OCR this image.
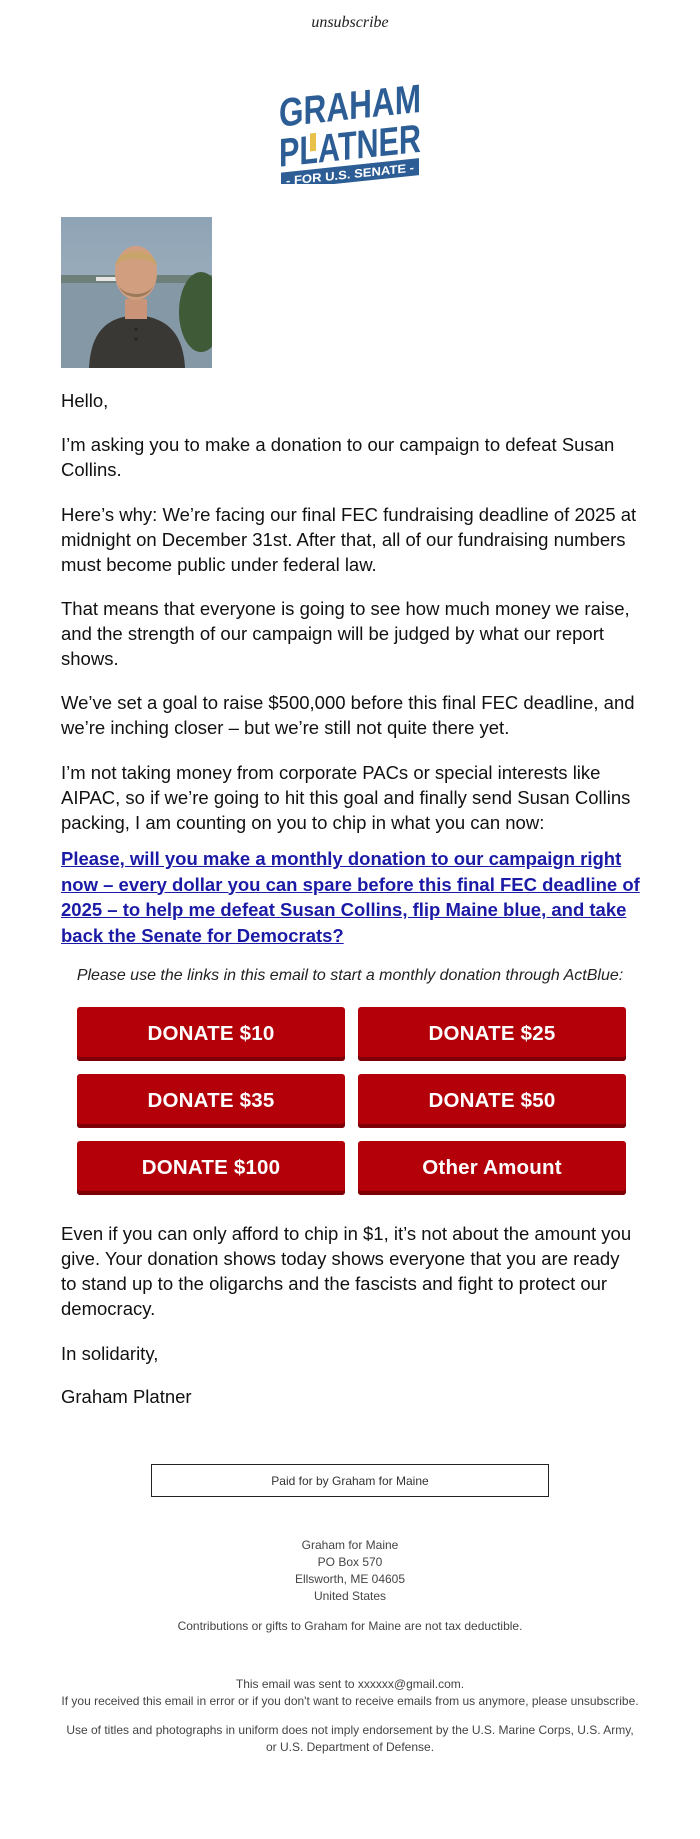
unsubscribe
GRAHAM
PLATNER
- FOR U.S. SENATE -
Hello,
I’m asking you to make a donation to our campaign to defeat Susan Collins.
Here’s why: We’re facing our final FEC fundraising deadline of 2025 at midnight on December 31st. After that, all of our fundraising numbers must become public under federal law.
That means that everyone is going to see how much money we raise, and the strength of our campaign will be judged by what our report shows.
We’ve set a goal to raise $500,000 before this final FEC deadline, and we’re inching closer – but we’re still not quite there yet.
I’m not taking money from corporate PACs or special interests like AIPAC, so if we’re going to hit this goal and finally send Susan Collins packing, I am counting on you to chip in what you can now:
Please, will you make a monthly donation to our campaign right now – every dollar you can spare before this final FEC deadline of 2025 – to help me defeat Susan Collins, flip Maine blue, and take back the Senate for Democrats?
Please use the links in this email to start a monthly donation through ActBlue:
DONATE $10	DONATE $25
DONATE $35	DONATE $50
DONATE $100	Other Amount
Even if you can only afford to chip in $1, it’s not about the amount you give. Your donation shows today shows everyone that you are ready to stand up to the oligarchs and the fascists and fight to protect our democracy.
In solidarity,
Graham Platner
Paid for by Graham for Maine

Graham for Maine

PO Box 570

Ellsworth, ME 04605

United States

Contributions or gifts to Graham for Maine are not tax deductible.
This email was sent to xxxxxx@gmail.com.
If you received this email in error or if you don't want to receive emails from us anymore, please unsubscribe.
Use of titles and photographs in uniform does not imply endorsement by the U.S. Marine Corps, U.S. Army, or U.S. Department of Defense.
